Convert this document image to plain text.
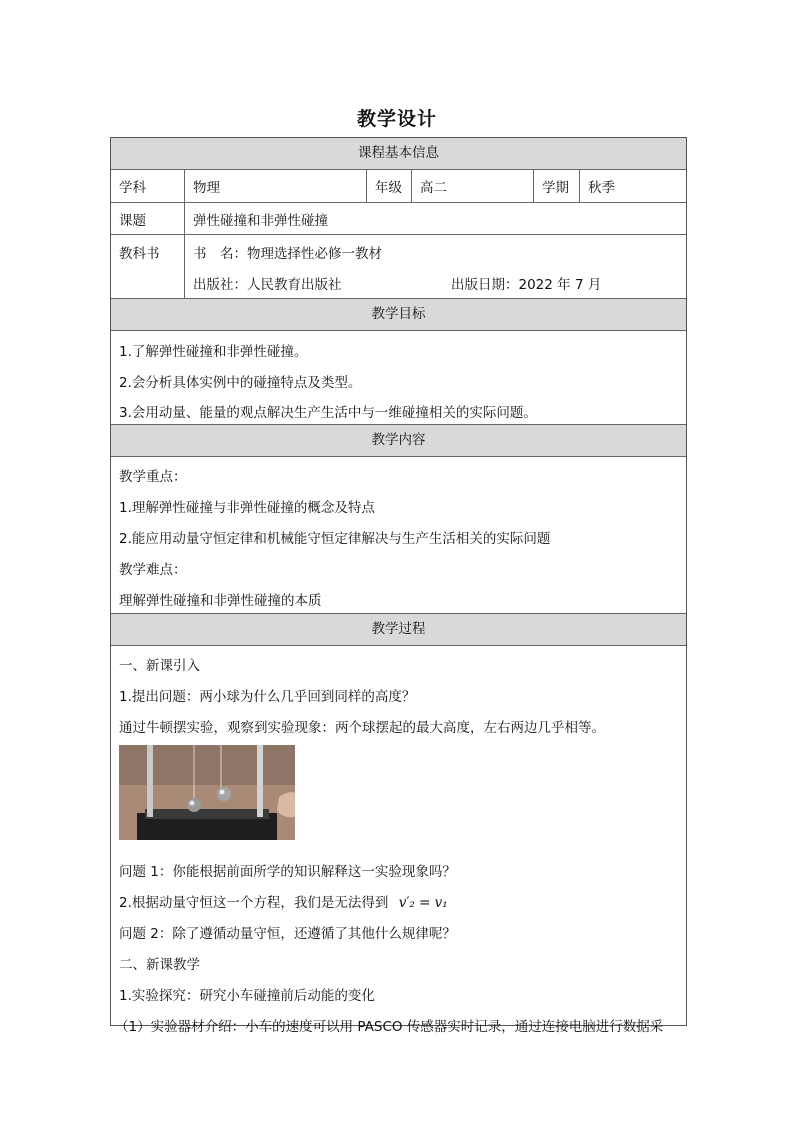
教学设计
课程基本信息
学科	物理	年级	高二	学期	秋季
课题	弹性碰撞和非弹性碰撞
教科书	书　名：物理选择性必修一教材
出版社：人民教育出版社	出版日期：2022 年 7 月
教学目标
1.了解弹性碰撞和非弹性碰撞。
2.会分析具体实例中的碰撞特点及类型。
3.会用动量、能量的观点解决生产生活中与一维碰撞相关的实际问题。
教学内容
教学重点：
1.理解弹性碰撞与非弹性碰撞的概念及特点
2.能应用动量守恒定律和机械能守恒定律解决与生产生活相关的实际问题
教学难点：
理解弹性碰撞和非弹性碰撞的本质
教学过程
一、新课引入
1.提出问题：两小球为什么几乎回到同样的高度？
通过牛顿摆实验，观察到实验现象：两个球摆起的最大高度，左右两边几乎相等。
问题 1：你能根据前面所学的知识解释这一实验现象吗？
2.根据动量守恒这一个方程，我们是无法得到 v′₂ = v₁
问题 2：除了遵循动量守恒，还遵循了其他什么规律呢？
二、新课教学
1.实验探究：研究小车碰撞前后动能的变化
（1）实验器材介绍：小车的速度可以用 PASCO 传感器实时记录，通过连接电脑进行数据采
